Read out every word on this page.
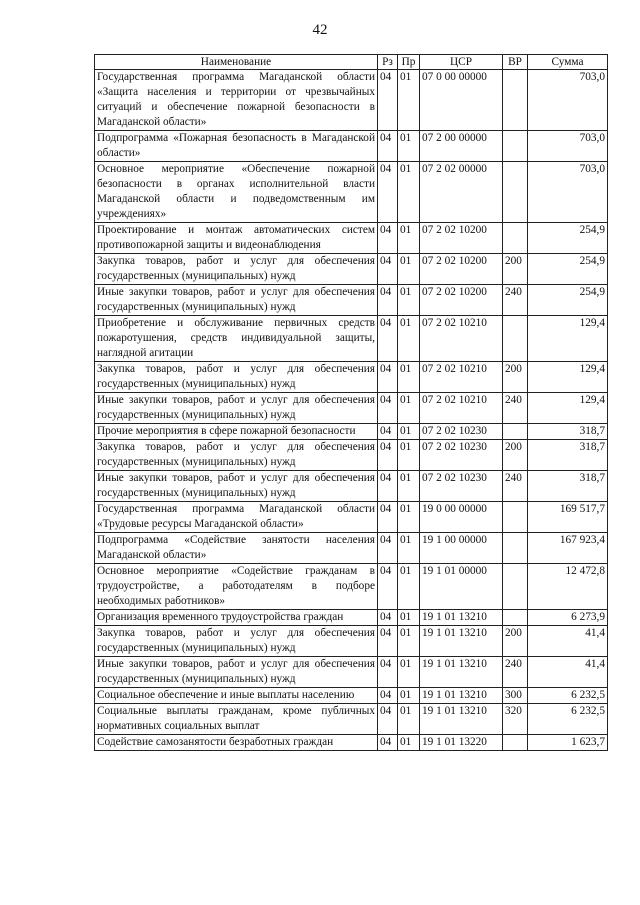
42
Наименование	Рз	Пр	ЦСР	ВР	Сумма
Государственная программа Магаданской области «Защита населения и территории от чрезвычайных ситуаций и обеспечение пожарной безопасности в Магаданской области»	04	01	07 0 00 00000		703,0
Подпрограмма «Пожарная безопасность в Магаданской области»	04	01	07 2 00 00000		703,0
Основное мероприятие «Обеспечение пожарной безопасности в органах исполнительной власти Магаданской области и подведомственным им учреждениях»	04	01	07 2 02 00000		703,0
Проектирование и монтаж автоматических систем противопожарной защиты и видеонаблюдения	04	01	07 2 02 10200		254,9
Закупка товаров, работ и услуг для обеспечения государственных (муниципальных) нужд	04	01	07 2 02 10200	200	254,9
Иные закупки товаров, работ и услуг для обеспечения государственных (муниципальных) нужд	04	01	07 2 02 10200	240	254,9
Приобретение и обслуживание первичных средств пожаротушения, средств индивидуальной защиты, наглядной агитации	04	01	07 2 02 10210		129,4
Закупка товаров, работ и услуг для обеспечения государственных (муниципальных) нужд	04	01	07 2 02 10210	200	129,4
Иные закупки товаров, работ и услуг для обеспечения государственных (муниципальных) нужд	04	01	07 2 02 10210	240	129,4
Прочие мероприятия в сфере пожарной безопасности	04	01	07 2 02 10230		318,7
Закупка товаров, работ и услуг для обеспечения государственных (муниципальных) нужд	04	01	07 2 02 10230	200	318,7
Иные закупки товаров, работ и услуг для обеспечения государственных (муниципальных) нужд	04	01	07 2 02 10230	240	318,7
Государственная программа Магаданской области «Трудовые ресурсы Магаданской области»	04	01	19 0 00 00000		169 517,7
Подпрограмма «Содействие занятости населения Магаданской области»	04	01	19 1 00 00000		167 923,4
Основное мероприятие «Содействие гражданам в трудоустройстве, а работодателям в подборе необходимых работников»	04	01	19 1 01 00000		12 472,8
Организация временного трудоустройства граждан	04	01	19 1 01 13210		6 273,9
Закупка товаров, работ и услуг для обеспечения государственных (муниципальных) нужд	04	01	19 1 01 13210	200	41,4
Иные закупки товаров, работ и услуг для обеспечения государственных (муниципальных) нужд	04	01	19 1 01 13210	240	41,4
Социальное обеспечение и иные выплаты населению	04	01	19 1 01 13210	300	6 232,5
Социальные выплаты гражданам, кроме публичных нормативных социальных выплат	04	01	19 1 01 13210	320	6 232,5
Содействие самозанятости безработных граждан	04	01	19 1 01 13220		1 623,7
